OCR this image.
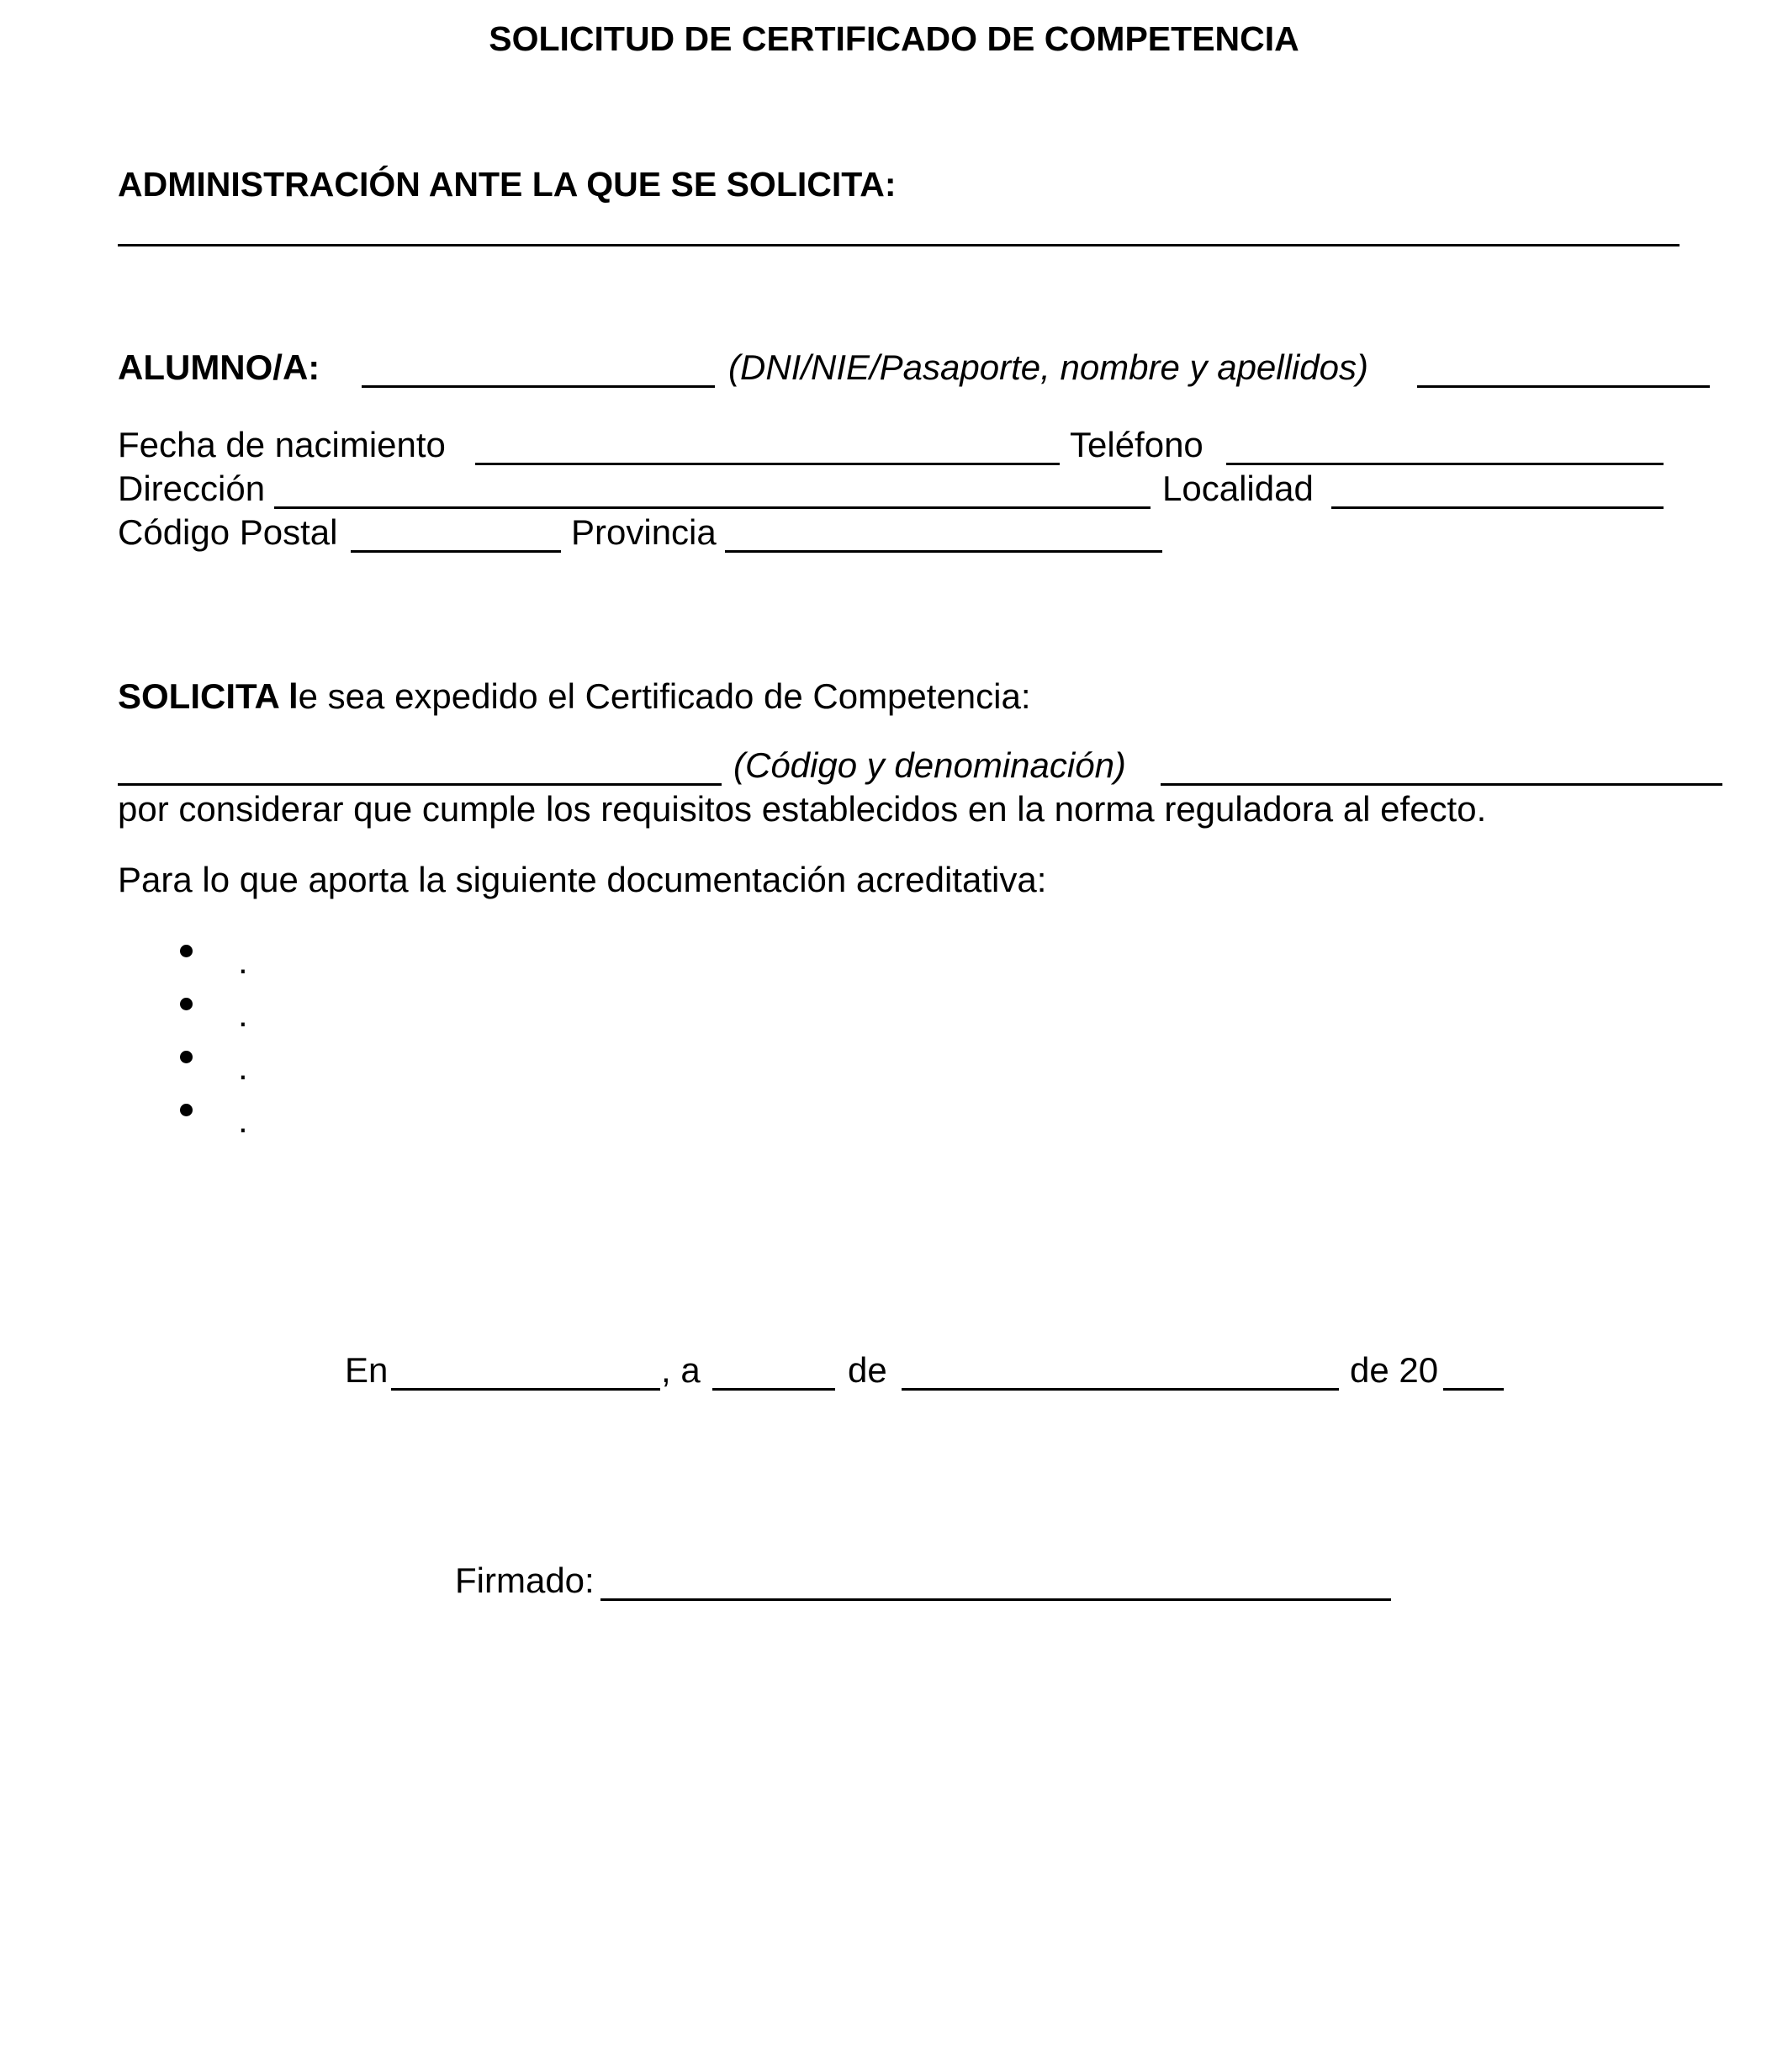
SOLICITUD DE CERTIFICADO DE COMPETENCIA
ADMINISTRACIÓN ANTE LA QUE SE SOLICITA:
ALUMNO/A:	(DNI/NIE/Pasaporte, nombre y apellidos)
Fecha de nacimiento	Teléfono
Dirección	Localidad
Código Postal	Provincia
SOLICITA le sea expedido el Certificado de Competencia:
(Código y denominación)
por considerar que cumple los requisitos establecidos en la norma reguladora al efecto.
Para lo que aporta la siguiente documentación acreditativa:
.
.
.
.
En	, a	de	de 20
Firmado:
